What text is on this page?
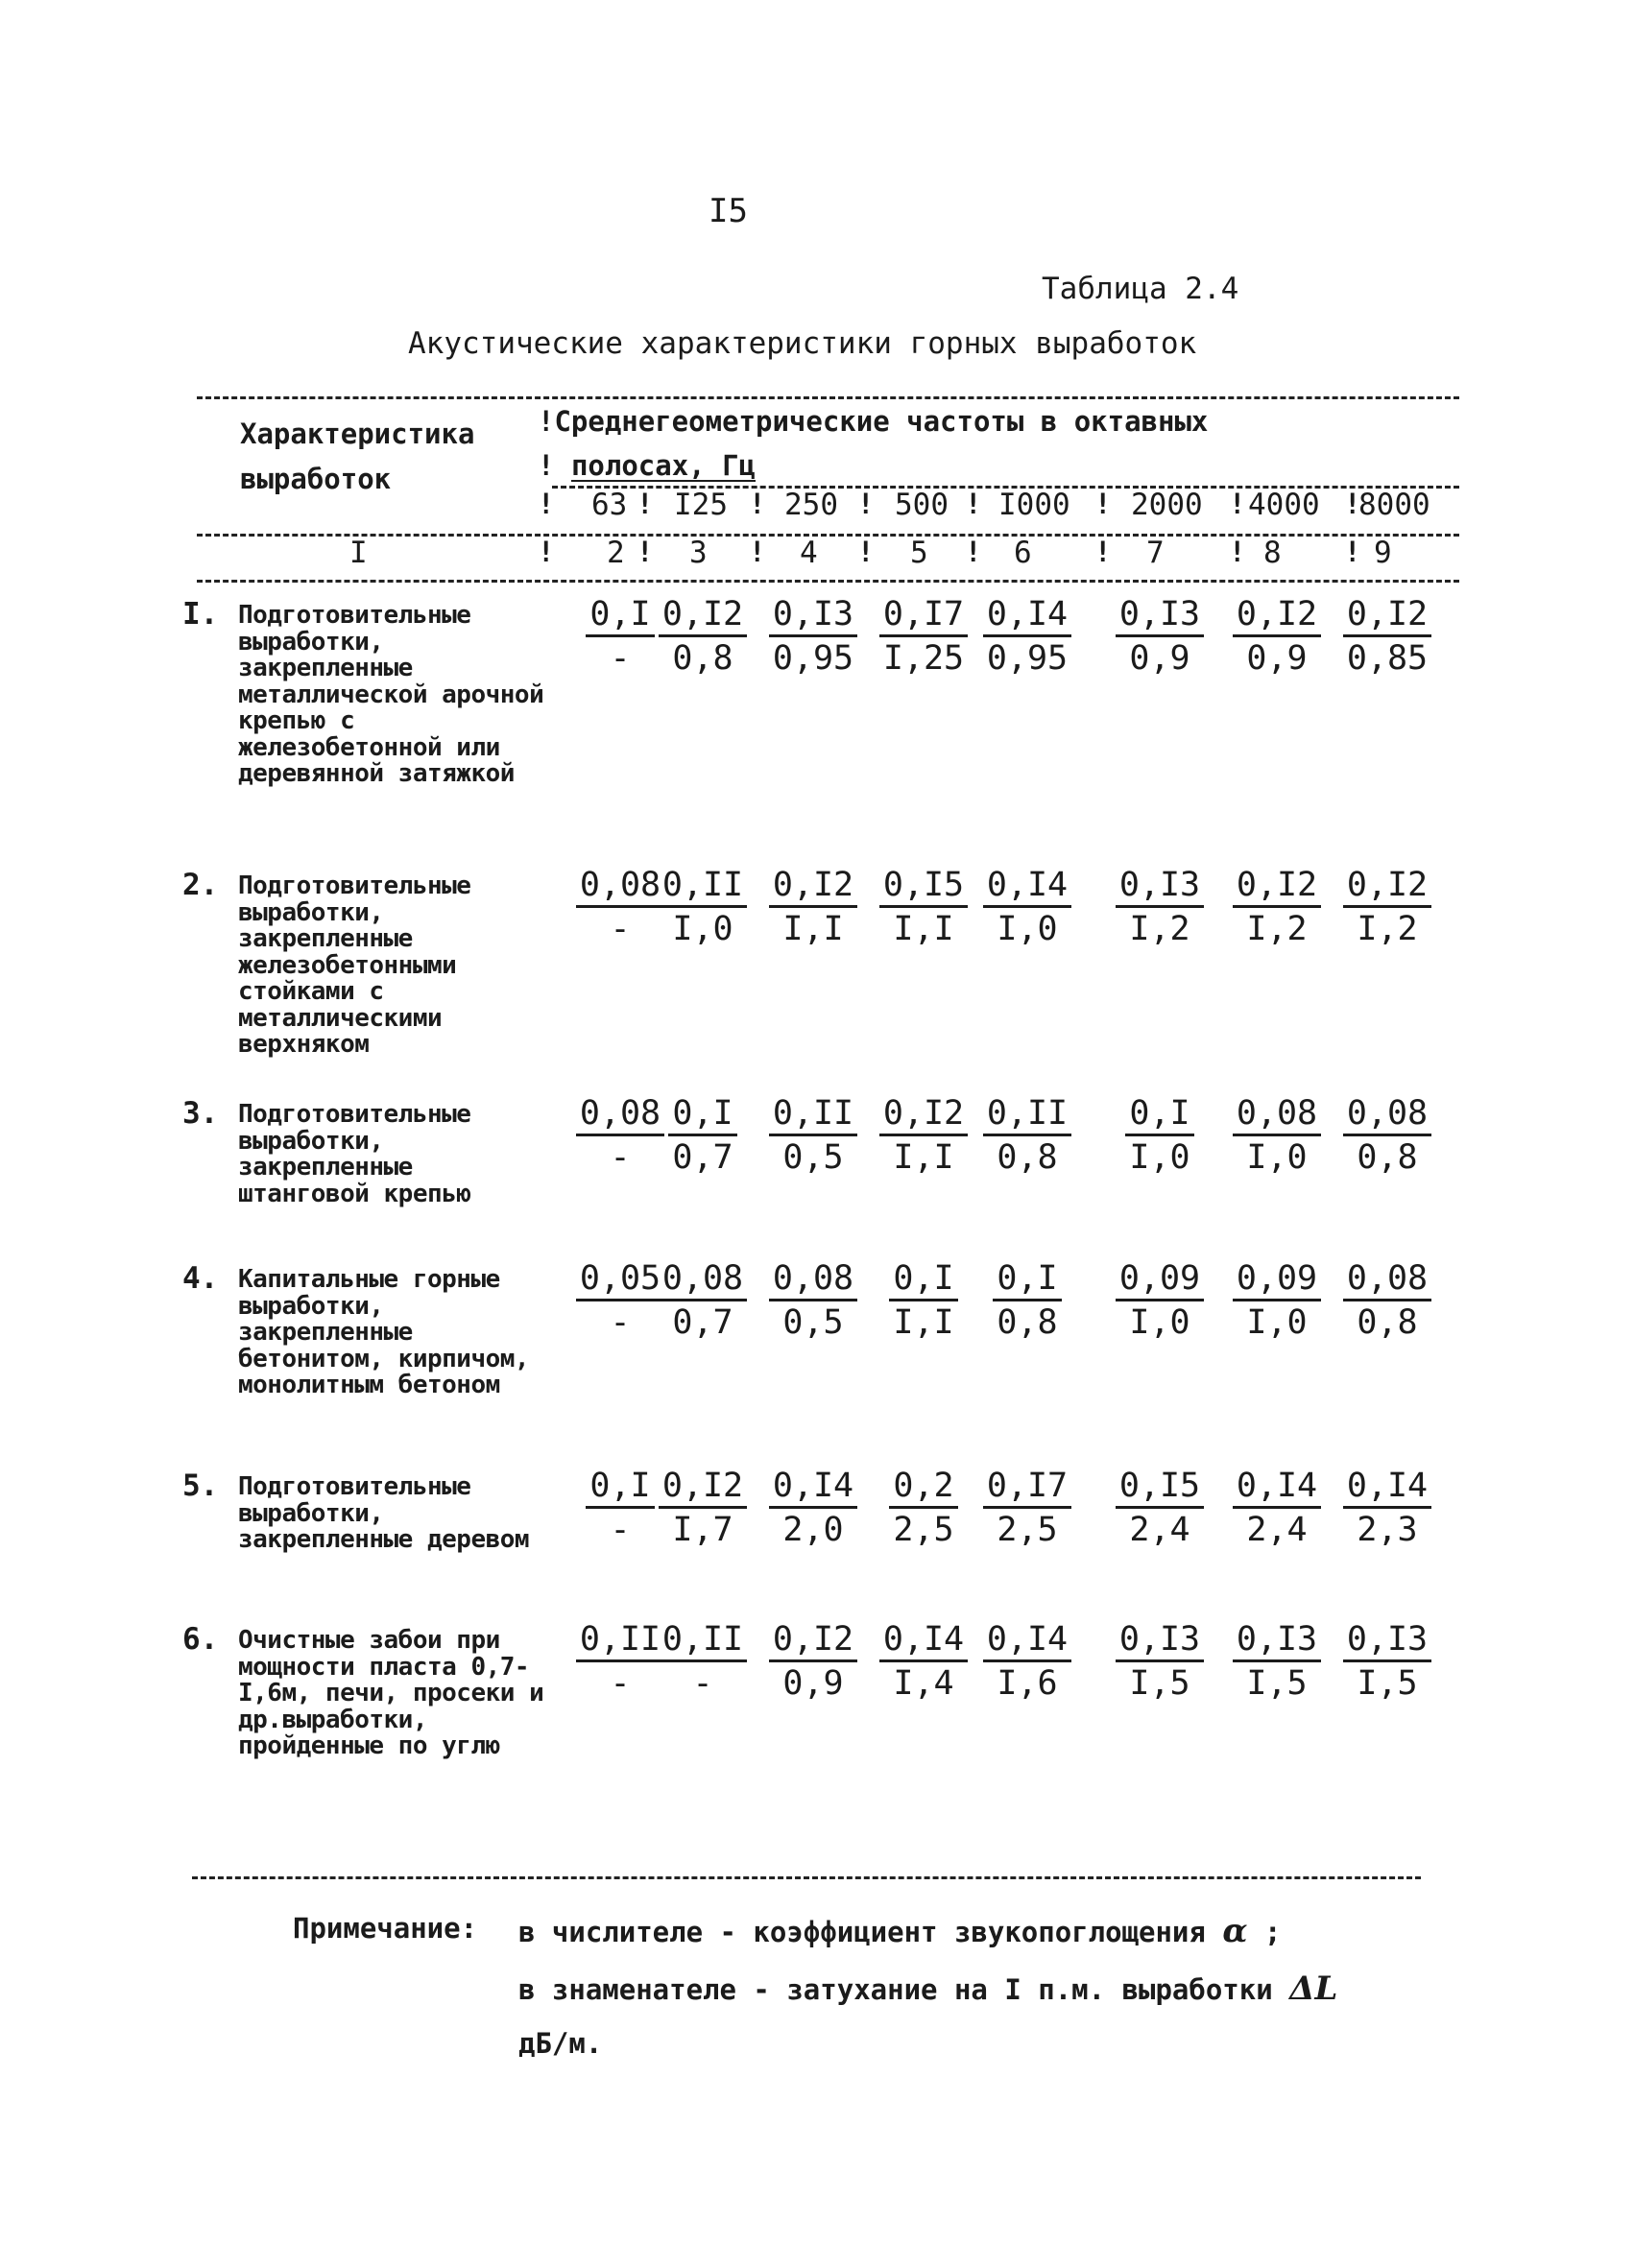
I5
Таблица 2.4
Акустические характеристики горных выработок
Характеристика
выработок
!Среднегеометрические частоты в октавных
! полосах, Гц
! 63 ! I25 ! 250 ! 500 ! I000 ! 2000 ! 4000 !
8000
I	! 2 ! 3 ! 4 ! 5 ! 6 ! 7 ! 8 ! 9
I. Подготовительные выработки, закрепленные металлической арочной крепью с железобетонной или деревянной затяжкой
0,I
- $\frac{0,I2}{0,8}$
$\frac{0,I3}{0,95}$
$\frac{0,I7}{I,25}$
$\frac{0,I4}{0,95} \frac{0,I3}{0,9} \frac{0,I2}{0,9}$
$\frac{0,I2}{0,85}$
2. Подготовительные выработки, закрепленные железобетонными стойками с металлическими верхняком
0,08
- $\frac{0,II}{I,0}$
$\frac{0,I2}{I,I}$
$\frac{0,I5}{I,I}$
$\frac{0,I4}{I,0} \frac{0,I3}{I,2} \frac{0,I2}{I,2}$
$\frac{0,I2}{I,2}$
3. Подготовительные выработки, закрепленные штанговой крепью
0,08
- $\frac{0,I}{0,7}$
$\frac{0,II}{0,5}$
$\frac{0,I2}{I,I}$
$\frac{0,II}{0,8} \frac{0,I}{I,0} \frac{0,08}{I,0}$
$\frac{0,08}{0,8}$
4. Капитальные горные выработки, закрепленные бетонитом, кирпичом, монолитным бетоном
0,05
- $\frac{0,08}{0,7}$
$\frac{0,08}{0,5}$
$\frac{0,I}{I,I}$
$\frac{0,I}{0,8} \frac{0,09}{I,0} \frac{0,09}{I,0}$
$\frac{0,08}{0,8}$
5. Подготовительные выработки, закрепленные деревом
0,I
- $\frac{0,I2}{I,7}$
$\frac{0,I4}{2,0}$
$\frac{0,2}{2,5}$
$\frac{0,I7}{2,5} \frac{0,I5}{2,4} \frac{0,I4}{2,4}$
$\frac{0,I4}{2,3}$
6. Очистные забои при мощности пласта 0,7-I,6м, печи, просеки и др.выработки, пройденные по углю
0,II
-
0,II
-	$\frac{0,I2}{0,9}$
$\frac{0,I4}{I,4}$
$\frac{0,I4}{I,6} \frac{0,I3}{I,5} \frac{0,I3}{I,5}$
$\frac{0,I3}{I,5}$
Примечание: в числителе - коэффициент звукопоглощения α ;
в знаменателе - затухание на I п.м. выработки ΔL
дБ/м.
